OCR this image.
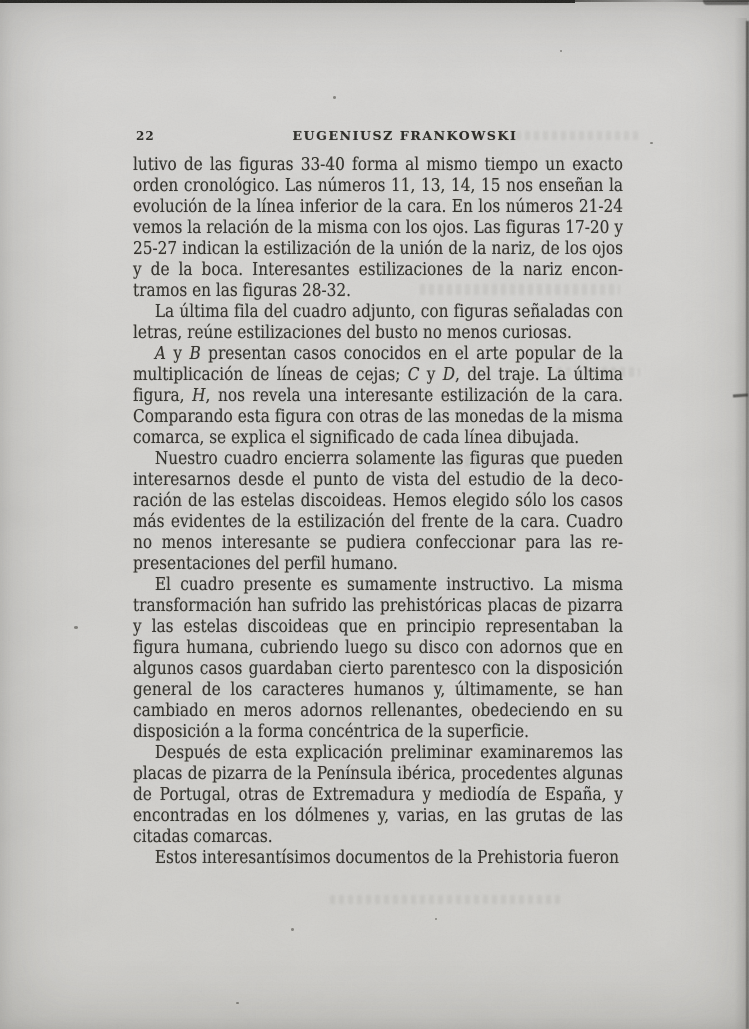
22	EUGENIUSZ FRANKOWSKI

lutivo de las figuras 33-40 forma al mismo tiempo un exacto orden cronológico. Las números 11, 13, 14, 15 nos enseñan la evolución de la línea inferior de la cara. En los números 21-24 vemos la relación de la misma con los ojos. Las figuras 17-20 y 25-27 indican la estilización de la unión de la nariz, de los ojos y de la boca. Interesantes estilizaciones de la nariz encontramos en las figuras 28-32.

La última fila del cuadro adjunto, con figuras señaladas con letras, reúne estilizaciones del busto no menos curiosas.

A y B presentan casos conocidos en el arte popular de la multiplicación de líneas de cejas; C y D, del traje. La última figura, H, nos revela una interesante estilización de la cara. Comparando esta figura con otras de las monedas de la misma comarca, se explica el significado de cada línea dibujada.

Nuestro cuadro encierra solamente las figuras que pueden interesarnos desde el punto de vista del estudio de la decoración de las estelas discoideas. Hemos elegido sólo los casos más evidentes de la estilización del frente de la cara. Cuadro no menos interesante se pudiera confeccionar para las representaciones del perfil humano.

El cuadro presente es sumamente instructivo. La misma transformación han sufrido las prehistóricas placas de pizarra y las estelas discoideas que en principio representaban la figura humana, cubriendo luego su disco con adornos que en algunos casos guardaban cierto parentesco con la disposición general de los caracteres humanos y, últimamente, se han cambiado en meros adornos rellenantes, obedeciendo en su disposición a la forma concéntrica de la superficie.

Después de esta explicación preliminar examinaremos las placas de pizarra de la Península ibérica, procedentes algunas de Portugal, otras de Extremadura y mediodía de España, y encontradas en los dólmenes y, varias, en las grutas de las citadas comarcas.

Estos interesantísimos documentos de la Prehistoria fueron
